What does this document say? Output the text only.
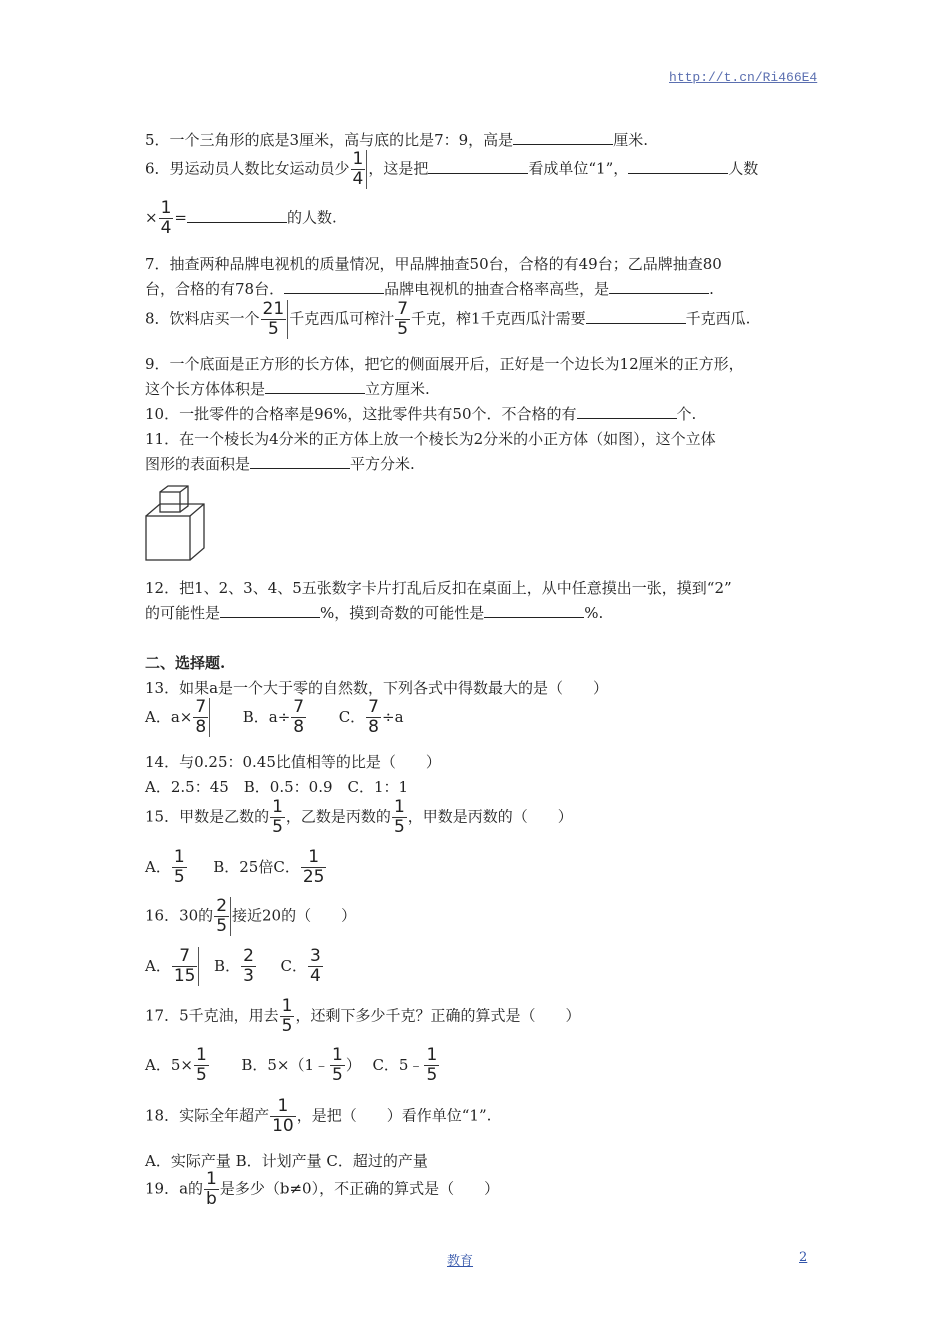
http://t.cn/Ri466E4
5．一个三角形的底是3厘米，高与底的比是7：9，高是	厘米.
6．男运动员人数比女运动员少 $\frac{1}{4}$ ，这是把	看成单位“1”，	人数
× $\frac{1}{4}$ =	的人数.
7．抽查两种品牌电视机的质量情况，甲品牌抽查50台，合格的有49台；乙品牌抽查80
台，合格的有78台．	品牌电视机的抽查合格率高些，是	.
8．饮料店买一个 $\frac{21}{5}$ 千克西瓜可榨汁 $\frac{7}{5}$ 千克，榨1千克西瓜汁需要	千克西瓜.
9．一个底面是正方形的长方体，把它的侧面展开后，正好是一个边长为12厘米的正方形，
这个长方体体积是	立方厘米.
10．一批零件的合格率是96%，这批零件共有50个．不合格的有	个.
11．在一个棱长为4分米的正方体上放一个棱长为2分米的小正方体（如图），这个立体
图形的表面积是	平方分米.
12．把1、2、3、4、5五张数字卡片打乱后反扣在桌面上，从中任意摸出一张，摸到“2”
的可能性是	%，摸到奇数的可能性是	%.
二、选择题.
13．如果a是一个大于零的自然数，下列各式中得数最大的是（　　）
A．$a\times \frac{7}{8}$ B．$a\div \frac{7}{8}$ C． $\frac{7}{8} \div a$
14．与0.25：0.45比值相等的比是（　　）
A．2.5：45　B．0.5：0.9　C．1：1
15．甲数是乙数的 $\frac{1}{5}$ ，乙数是丙数的 $\frac{1}{5}$ ，甲数是丙数的（　　）
A． $\frac{1}{5}$ B．25倍C． $\frac{1}{25}$
16．30的 $\frac{2}{5}$ 接近20的（　　）
A． $\frac{7}{15}$ B． $\frac{2}{3}$ C． $\frac{3}{4}$
17．5千克油，用去 $\frac{1}{5}$ ，还剩下多少千克？正确的算式是（　　）
A．$5\times \frac{1}{5}$ B．5×（1﹣ $\frac{1}{5}$ ） C．5﹣ $\frac{1}{5}$
18．实际全年超产 $\frac{1}{10}$ ，是把（　　）看作单位“1”.
A．实际产量 B．计划产量 C．超过的产量
19．a的 $\frac{1}{b}$ 是多少（b≠0），不正确的算式是（　　）
教育	2
